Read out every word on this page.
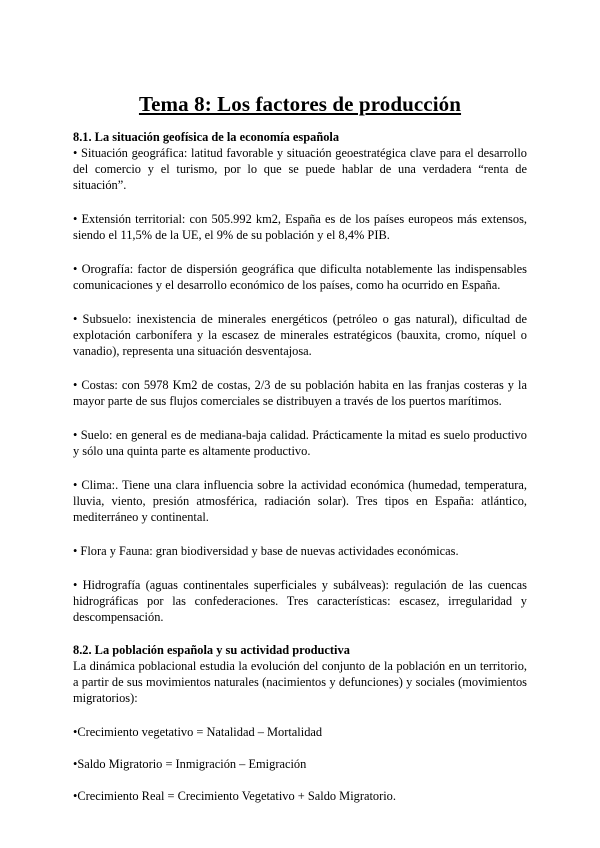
Tema 8: Los factores de producción

8.1. La situación geofísica de la economía española

• Situación geográfica: latitud favorable y situación geoestratégica clave para el desarrollo del comercio y el turismo, por lo que se puede hablar de una verdadera “renta de situación”.

• Extensión territorial: con 505.992 km2, España es de los países europeos más extensos, siendo el 11,5% de la UE, el 9% de su población y el 8,4% PIB.

• Orografía: factor de dispersión geográfica que dificulta notablemente las indispensables comunicaciones y el desarrollo económico de los países, como ha ocurrido en España.

• Subsuelo: inexistencia de minerales energéticos (petróleo o gas natural), dificultad de explotación carbonífera y la escasez de minerales estratégicos (bauxita, cromo, níquel o vanadio), representa una situación desventajosa.

• Costas: con 5978 Km2 de costas, 2/3 de su población habita en las franjas costeras y la mayor parte de sus flujos comerciales se distribuyen a través de los puertos marítimos.

• Suelo: en general es de mediana-baja calidad. Prácticamente la mitad es suelo productivo y sólo una quinta parte es altamente productivo.

• Clima:. Tiene una clara influencia sobre la actividad económica (humedad, temperatura, lluvia, viento, presión atmosférica, radiación solar). Tres tipos en España: atlántico, mediterráneo y continental.

• Flora y Fauna: gran biodiversidad y base de nuevas actividades económicas.

• Hidrografía (aguas continentales superficiales y subálveas): regulación de las cuencas hidrográficas por las confederaciones. Tres características: escasez, irregularidad y descompensación.

8.2. La población española y su actividad productiva

La dinámica poblacional estudia la evolución del conjunto de la población en un territorio, a partir de sus movimientos naturales (nacimientos y defunciones) y sociales (movimientos migratorios):

•Crecimiento vegetativo = Natalidad – Mortalidad

•Saldo Migratorio = Inmigración – Emigración

•Crecimiento Real = Crecimiento Vegetativo + Saldo Migratorio.
